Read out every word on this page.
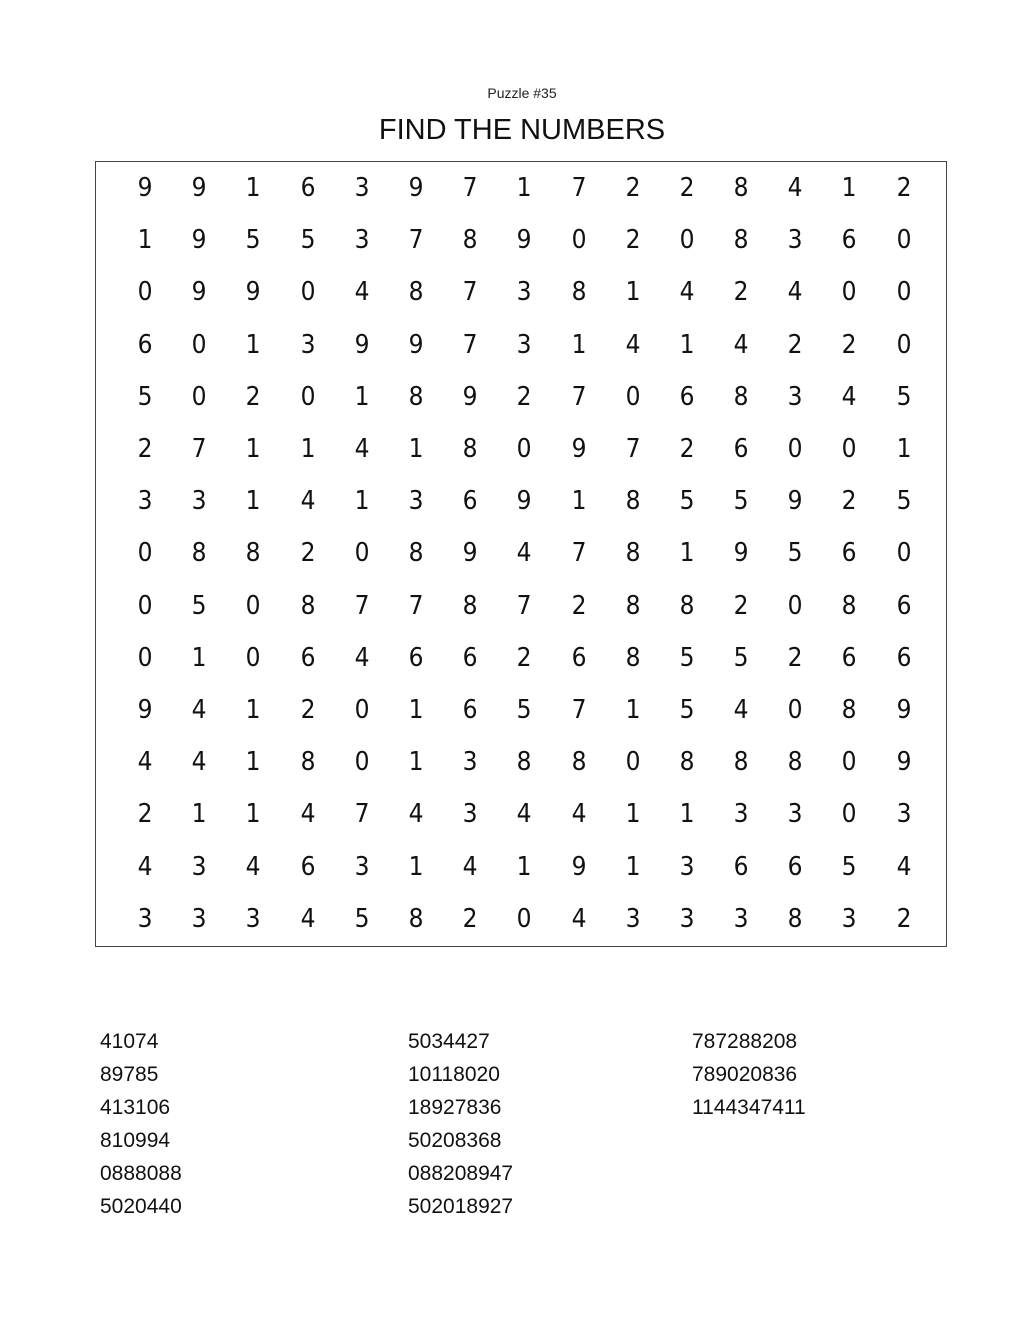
Puzzle #35
FIND THE NUMBERS
9	9	1	6	3	9	7	1	7	2	2	8	4	1	2
1	9	5	5	3	7	8	9	0	2	0	8	3	6	0
0	9	9	0	4	8	7	3	8	1	4	2	4	0	0
6	0	1	3	9	9	7	3	1	4	1	4	2	2	0
5	0	2	0	1	8	9	2	7	0	6	8	3	4	5
2	7	1	1	4	1	8	0	9	7	2	6	0	0	1
3	3	1	4	1	3	6	9	1	8	5	5	9	2	5
0	8	8	2	0	8	9	4	7	8	1	9	5	6	0
0	5	0	8	7	7	8	7	2	8	8	2	0	8	6
0	1	0	6	4	6	6	2	6	8	5	5	2	6	6
9	4	1	2	0	1	6	5	7	1	5	4	0	8	9
4	4	1	8	0	1	3	8	8	0	8	8	8	0	9
2	1	1	4	7	4	3	4	4	1	1	3	3	0	3
4	3	4	6	3	1	4	1	9	1	3	6	6	5	4
3	3	3	4	5	8	2	0	4	3	3	3	8	3	2
41074
89785
413106
810994
0888088
5020440
5034427
10118020
18927836
50208368
088208947
502018927
787288208
789020836
1144347411
